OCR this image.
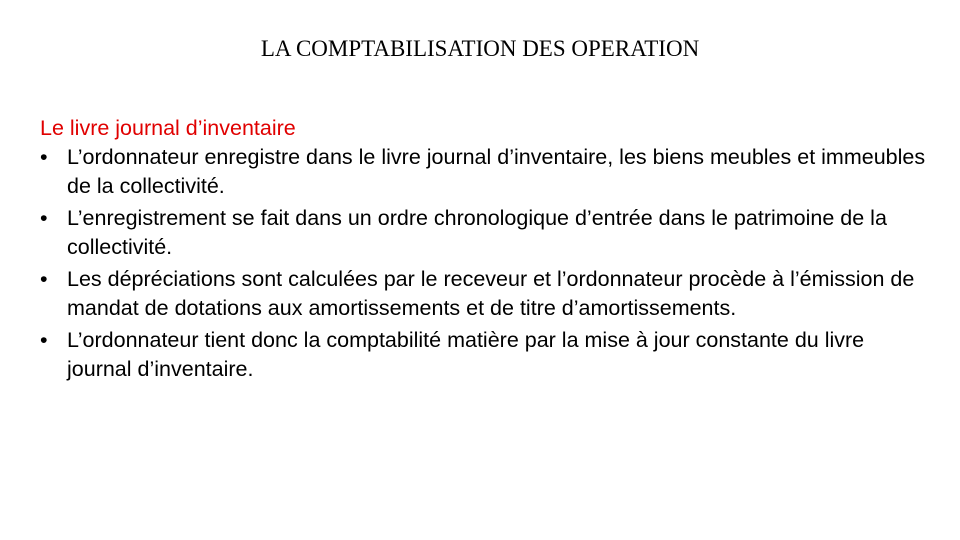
LA COMPTABILISATION DES OPERATION
Le livre journal d’inventaire
• L’ordonnateur enregistre dans le livre journal d’inventaire, les biens meubles et immeubles de la collectivité.
• L’enregistrement se fait dans un ordre chronologique d’entrée dans le patrimoine de la collectivité.
• Les dépréciations sont calculées par le receveur et l’ordonnateur procède à l’émission de mandat de dotations aux amortissements et de titre d’amortissements.
• L’ordonnateur tient donc la comptabilité matière par la mise à jour constante du livre journal d’inventaire.
